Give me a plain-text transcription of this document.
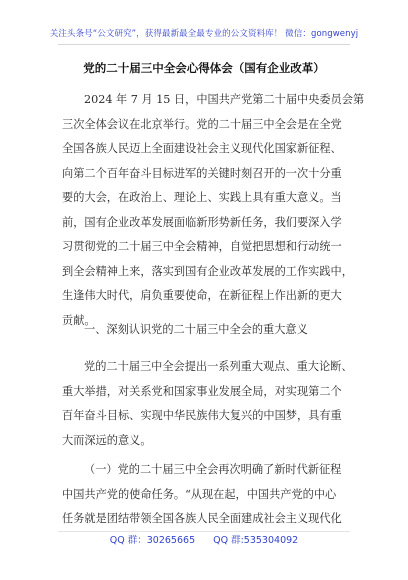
关注头条号“公文研究”，获得最新最全最专业的公文资料库！ 微信：gongwenyj
党的二十届三中全会心得体会（国有企业改革）
2024 年 7 月 15 日，中国共产党第二十届中央委员会第
三次全体会议在北京举行。党的二十届三中全会是在全党
全国各族人民迈上全面建设社会主义现代化国家新征程、
向第二个百年奋斗目标进军的关键时刻召开的一次十分重
要的大会，在政治上、理论上、实践上具有重大意义。当
前，国有企业改革发展面临新形势新任务，我们要深入学
习贯彻党的二十届三中全会精神，自觉把思想和行动统一
到全会精神上来，落实到国有企业改革发展的工作实践中，
生逢伟大时代，肩负重要使命，在新征程上作出新的更大
贡献。
一、深刻认识党的二十届三中全会的重大意义
党的二十届三中全会提出一系列重大观点、重大论断、
重大举措，对关系党和国家事业发展全局，对实现第二个
百年奋斗目标、实现中华民族伟大复兴的中国梦，具有重
大而深远的意义。
（一）党的二十届三中全会再次明确了新时代新征程
中国共产党的使命任务。“从现在起，中国共产党的中心
任务就是团结带领全国各族人民全面建成社会主义现代化
QQ 群：30265665 QQ 群:535304092
